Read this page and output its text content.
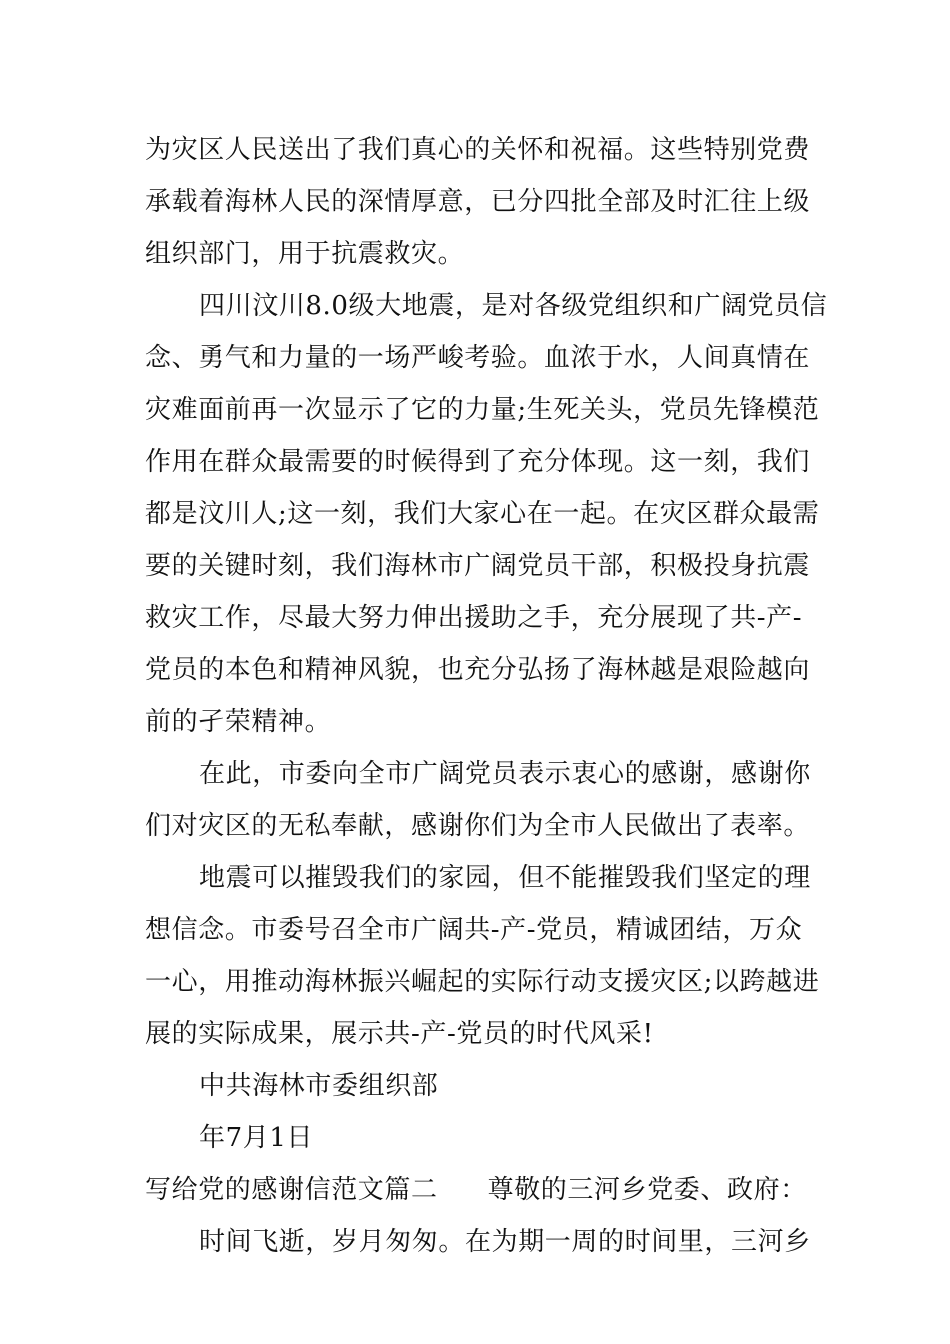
为灾区人民送出了我们真心的关怀和祝福。这些特别党费
承载着海林人民的深情厚意，已分四批全部及时汇往上级
组织部门，用于抗震救灾。
四川汶川8.0级大地震，是对各级党组织和广阔党员信
念、勇气和力量的一场严峻考验。血浓于水，人间真情在
灾难面前再一次显示了它的力量;生死关头，党员先锋模范
作用在群众最需要的时候得到了充分体现。这一刻，我们
都是汶川人;这一刻，我们大家心在一起。在灾区群众最需
要的关键时刻，我们海林市广阔党员干部，积极投身抗震
救灾工作，尽最大努力伸出援助之手，充分展现了共-产-
党员的本色和精神风貌，也充分弘扬了海林越是艰险越向
前的孑荣精神。
在此，市委向全市广阔党员表示衷心的感谢，感谢你
们对灾区的无私奉献，感谢你们为全市人民做出了表率。
地震可以摧毁我们的家园，但不能摧毁我们坚定的理
想信念。市委号召全市广阔共-产-党员，精诚团结，万众
一心，用推动海林振兴崛起的实际行动支援灾区;以跨越进
展的实际成果，展示共-产-党员的时代风采!
中共海林市委组织部
年7月1日
写给党的感谢信范文篇二 尊敬的三河乡党委、政府：
时间飞逝，岁月匆匆。在为期一周的时间里，三河乡
